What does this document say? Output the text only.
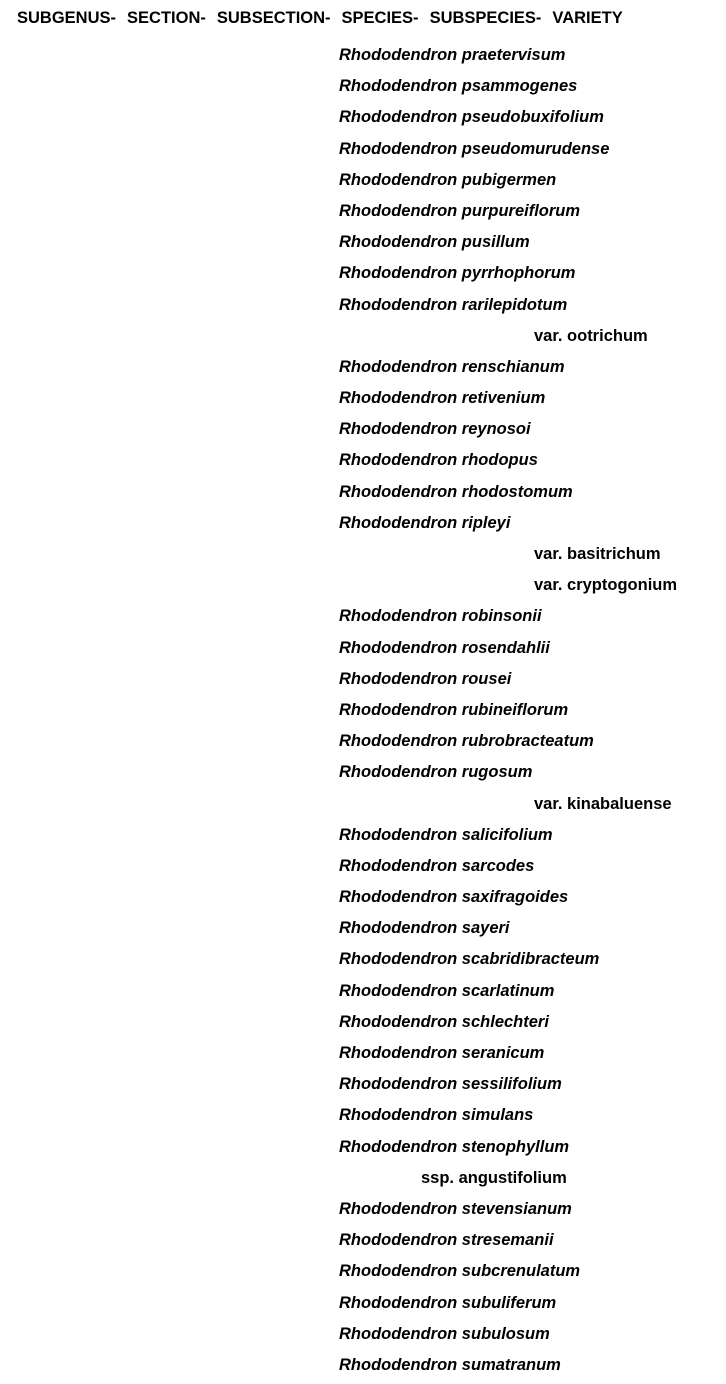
SUBGENUS- SECTION- SUBSECTION- SPECIES- SUBSPECIES- VARIETY
Rhododendron praetervisum
Rhododendron psammogenes
Rhododendron pseudobuxifolium
Rhododendron pseudomurudense
Rhododendron pubigermen
Rhododendron purpureiflorum
Rhododendron pusillum
Rhododendron pyrrhophorum
Rhododendron rarilepidotum
var. ootrichum
Rhododendron renschianum
Rhododendron retivenium
Rhododendron reynosoi
Rhododendron rhodopus
Rhododendron rhodostomum
Rhododendron ripleyi
var. basitrichum
var. cryptogonium
Rhododendron robinsonii
Rhododendron rosendahlii
Rhododendron rousei
Rhododendron rubineiflorum
Rhododendron rubrobracteatum
Rhododendron rugosum
var. kinabaluense
Rhododendron salicifolium
Rhododendron sarcodes
Rhododendron saxifragoides
Rhododendron sayeri
Rhododendron scabridibracteum
Rhododendron scarlatinum
Rhododendron schlechteri
Rhododendron seranicum
Rhododendron sessilifolium
Rhododendron simulans
Rhododendron stenophyllum
ssp. angustifolium
Rhododendron stevensianum
Rhododendron stresemanii
Rhododendron subcrenulatum
Rhododendron subuliferum
Rhododendron subulosum
Rhododendron sumatranum
